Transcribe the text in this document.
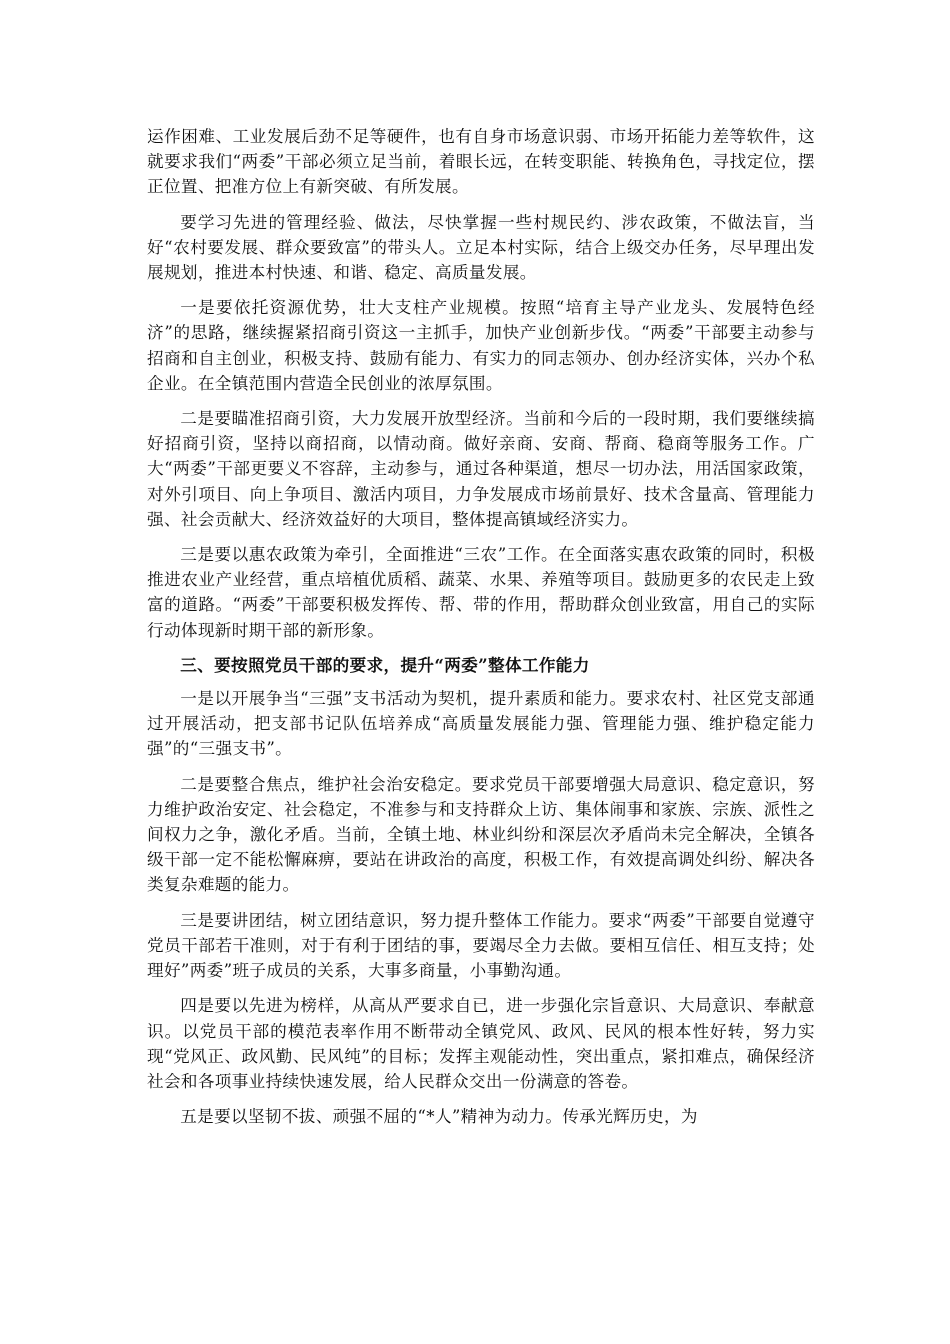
运作困难、工业发展后劲不足等硬件，也有自身市场意识弱、市场开拓能力差等软件，这就要求我们“两委”干部必须立足当前，着眼长远，在转变职能、转换角色，寻找定位，摆正位置、把准方位上有新突破、有所发展。

要学习先进的管理经验、做法，尽快掌握一些村规民约、涉农政策，不做法盲，当好“农村要发展、群众要致富”的带头人。立足本村实际，结合上级交办任务，尽早理出发展规划，推进本村快速、和谐、稳定、高质量发展。

一是要依托资源优势，壮大支柱产业规模。按照“培育主导产业龙头、发展特色经济”的思路，继续握紧招商引资这一主抓手，加快产业创新步伐。“两委”干部要主动参与招商和自主创业，积极支持、鼓励有能力、有实力的同志领办、创办经济实体，兴办个私企业。在全镇范围内营造全民创业的浓厚氛围。

二是要瞄准招商引资，大力发展开放型经济。当前和今后的一段时期，我们要继续搞好招商引资，坚持以商招商，以情动商。做好亲商、安商、帮商、稳商等服务工作。广大“两委”干部更要义不容辞，主动参与，通过各种渠道，想尽一切办法，用活国家政策，对外引项目、向上争项目、激活内项目，力争发展成市场前景好、技术含量高、管理能力强、社会贡献大、经济效益好的大项目，整体提高镇域经济实力。

三是要以惠农政策为牵引，全面推进“三农”工作。在全面落实惠农政策的同时，积极推进农业产业经营，重点培植优质稻、蔬菜、水果、养殖等项目。鼓励更多的农民走上致富的道路。“两委”干部要积极发挥传、帮、带的作用，帮助群众创业致富，用自己的实际行动体现新时期干部的新形象。

三、要按照党员干部的要求，提升“两委”整体工作能力

一是以开展争当“三强”支书活动为契机，提升素质和能力。要求农村、社区党支部通过开展活动，把支部书记队伍培养成“高质量发展能力强、管理能力强、维护稳定能力强”的“三强支书”。

二是要整合焦点，维护社会治安稳定。要求党员干部要增强大局意识、稳定意识，努力维护政治安定、社会稳定，不准参与和支持群众上访、集体闹事和家族、宗族、派性之间权力之争，激化矛盾。当前，全镇土地、林业纠纷和深层次矛盾尚未完全解决，全镇各级干部一定不能松懈麻痹，要站在讲政治的高度，积极工作，有效提高调处纠纷、解决各类复杂难题的能力。

三是要讲团结，树立团结意识，努力提升整体工作能力。要求“两委”干部要自觉遵守党员干部若干准则，对于有利于团结的事，要竭尽全力去做。要相互信任、相互支持；处理好”两委”班子成员的关系，大事多商量，小事勤沟通。

四是要以先进为榜样，从高从严要求自已，进一步强化宗旨意识、大局意识、奉献意识。以党员干部的模范表率作用不断带动全镇党风、政风、民风的根本性好转，努力实现“党风正、政风勤、民风纯”的目标；发挥主观能动性，突出重点，紧扣难点，确保经济社会和各项事业持续快速发展，给人民群众交出一份满意的答卷。

五是要以坚韧不拔、顽强不屈的“*人”精神为动力。传承光辉历史，为
